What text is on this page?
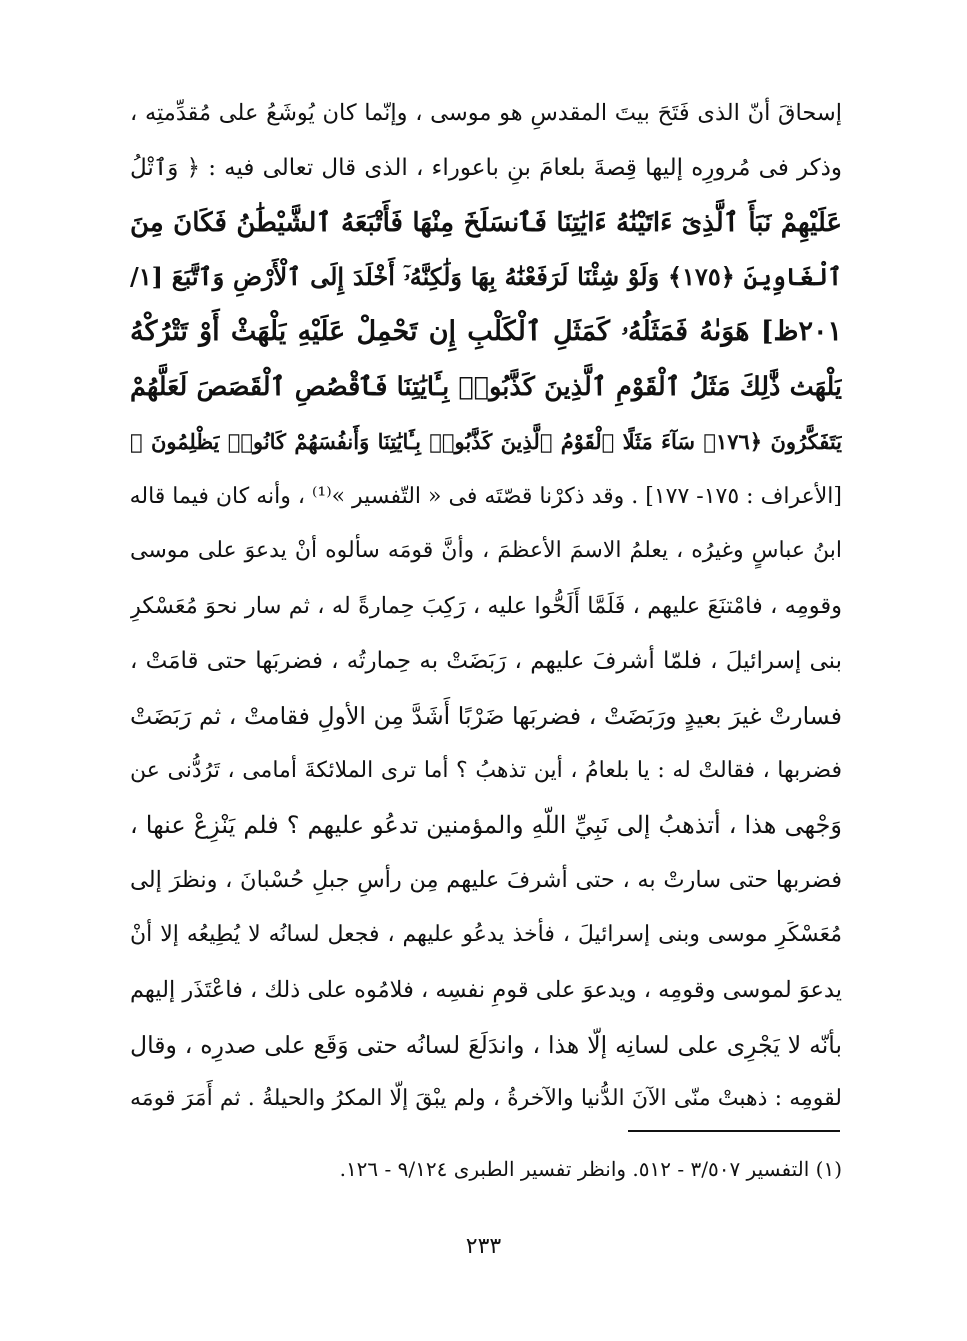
إسحاقَ أنّ الذى فَتَحَ بيتَ المقدسِ هو موسى ، وإنّما كان يُوشَعُ على مُقدِّمتِه ،
وذكر فى مُرورِه إليها قِصةَ بلعامَ بنِ باعوراء ، الذى قال تعالى فيه : ﴿ وَٱتْلُ
عَلَيْهِمْ نَبَأَ ٱلَّذِىٓ ءَاتَيْنَٰهُ ءَايَٰتِنَا فَٱنسَلَخَ مِنْهَا فَأَتْبَعَهُ ٱلشَّيْطَٰنُ فَكَانَ مِنَ
ٱلْغَاوِينَ ﴿١٧٥﴾ وَلَوْ شِئْنَا لَرَفَعْنَٰهُ بِهَا وَلَٰكِنَّهُۥٓ أَخْلَدَ إِلَى ٱلْأَرْضِ وَٱتَّبَعَ [١/
٢٠١ظ] هَوَىٰهُ فَمَثَلُهُۥ كَمَثَلِ ٱلْكَلْبِ إِن تَحْمِلْ عَلَيْهِ يَلْهَثْ أَوْ تَتْرُكْهُ
يَلْهَث ذَّٰلِكَ مَثَلُ ٱلْقَوْمِ ٱلَّذِينَ كَذَّبُوا۟ بِـَٔايَٰتِنَا فَٱقْصُصِ ٱلْقَصَصَ لَعَلَّهُمْ
يَتَفَكَّرُونَ ﴿١٧٦﴾ سَآءَ مَثَلًا ٱلْقَوْمُ ٱلَّذِينَ كَذَّبُوا۟ بِـَٔايَٰتِنَا وَأَنفُسَهُمْ كَانُوا۟ يَظْلِمُونَ ﴾
[الأعراف : ١٧٥- ١٧٧] . وقد ذكرْنا قصّتَه فى « التّفسير »⁽¹⁾ ، وأنه كان فيما قاله
ابنُ عباسٍ وغيرُه ، يعلمُ الاسمَ الأعظمَ ، وأنَّ قومَه سألوه أنْ يدعوَ على موسى
وقومِه ، فامْتنَعَ عليهم ، فَلَمَّا أَلَحُّوا عليه ، رَكِبَ حِمارةً له ، ثم سار نحوَ مُعَسْكرِ
بنى إسرائيلَ ، فلمّا أشرفَ عليهم ، رَبَضَتْ به حِمارتُه ، فضربَها حتى قامَتْ ،
فسارتْ غيرَ بعيدٍ ورَبَضَتْ ، فضربَها ضَرْبًا أَشَدَّ مِن الأولِ فقامتْ ، ثم رَبَضَتْ
فضربها ، فقالتْ له : يا بلعامُ ، أين تذهبُ ؟ أما ترى الملائكةَ أمامى ، تَرُدُّنى عن
وَجْهى هذا ، أتذهبُ إلى نَبِيِّ اللّهِ والمؤمنين تدعُو عليهم ؟ فلم يَنْزِعْ عنها ،
فضربها حتى سارتْ به ، حتى أشرفَ عليهم مِن رأسِ جبلِ حُسْبانَ ، ونظرَ إلى
مُعَسْكَرِ موسى وبنى إسرائيلَ ، فأخذ يدعُو عليهم ، فجعل لسانُه لا يُطِيعُه إلا أنْ
يدعوَ لموسى وقومِه ، ويدعوَ على قومِ نفسِه ، فلامُوه على ذلك ، فاعْتَذَر إليهم
بأنّه لا يَجْرِى على لسانِه إلّا هذا ، واندَلَعَ لسانُه حتى وَقَع على صدرِه ، وقال
لقومِه : ذهبتْ منّى الآنَ الدُّنيا والآخرةُ ، ولم يبْقَ إلّا المكرُ والحيلةُ . ثم أَمَرَ قومَه
(١) التفسير ٣/٥٠٧ - ٥١٢. وانظر تفسير الطبرى ٩/١٢٤ - ١٢٦.
٢٣٣
